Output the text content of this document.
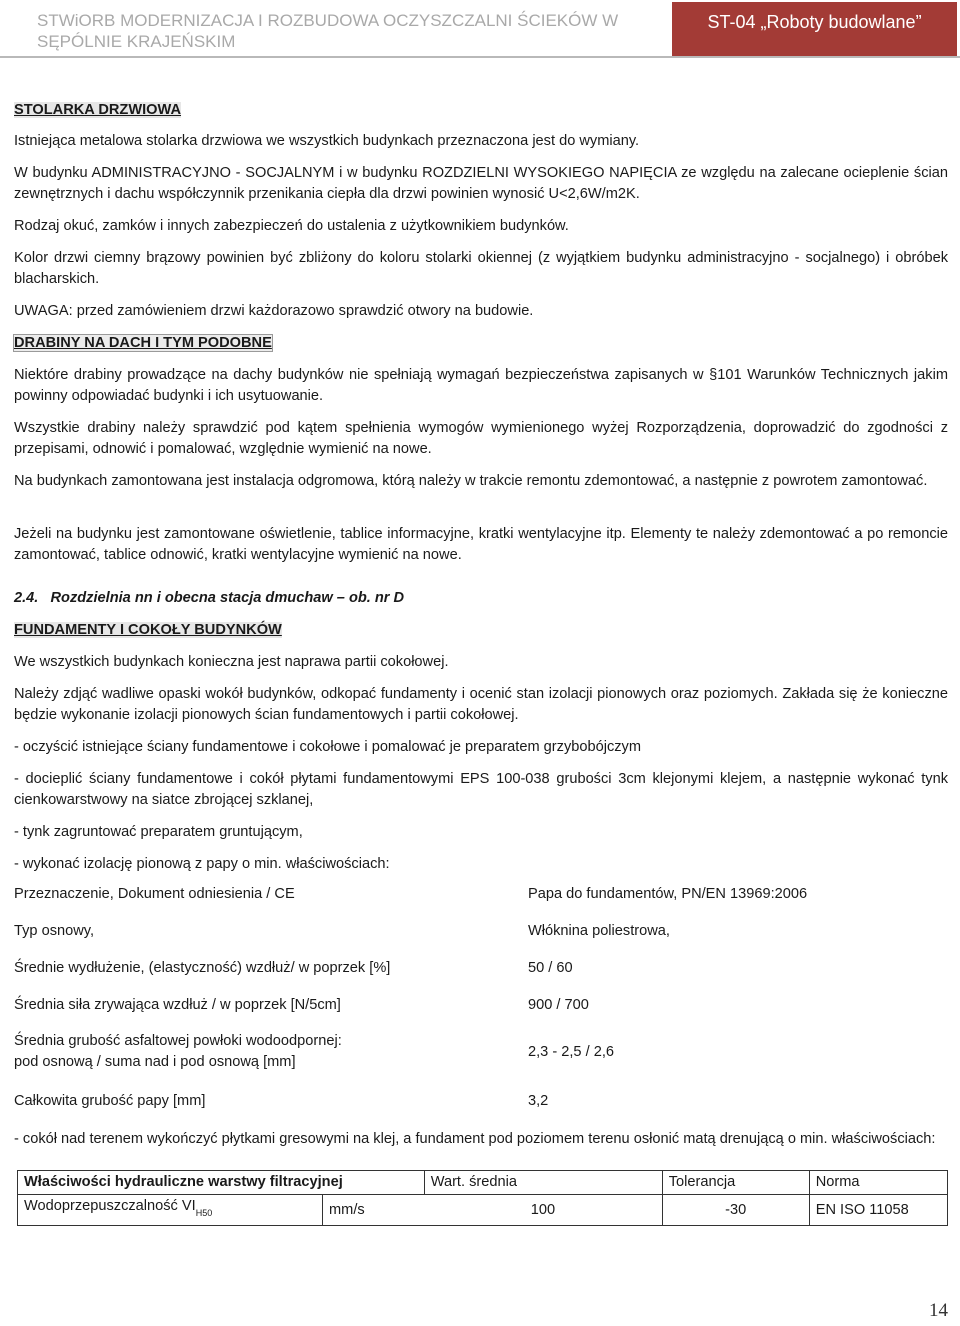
STWiORB MODERNIZACJA I ROZBUDOWA OCZYSZCZALNI ŚCIEKÓW W SĘPÓLNIE KRAJEŃSKIM
ST-04 „Roboty budowlane”
STOLARKA DRZWIOWA
Istniejąca metalowa stolarka drzwiowa we wszystkich budynkach przeznaczona jest do wymiany.
W budynku ADMINISTRACYJNO - SOCJALNYM i w budynku ROZDZIELNI WYSOKIEGO NAPIĘCIA ze względu na zalecane ocieplenie ścian zewnętrznych i dachu współczynnik przenikania ciepła dla drzwi powinien wynosić U<2,6W/m2K.
Rodzaj okuć, zamków i innych zabezpieczeń do ustalenia z użytkownikiem budynków.
Kolor drzwi ciemny brązowy powinien być zbliżony do koloru stolarki okiennej (z wyjątkiem budynku administracyjno - socjalnego) i obróbek blacharskich.
UWAGA: przed zamówieniem drzwi każdorazowo sprawdzić otwory na budowie.
DRABINY NA DACH I TYM PODOBNE
Niektóre drabiny prowadzące na dachy budynków nie spełniają wymagań bezpieczeństwa zapisanych w §101 Warunków Technicznych jakim powinny odpowiadać budynki i ich usytuowanie.
Wszystkie drabiny należy sprawdzić pod kątem spełnienia wymogów wymienionego wyżej Rozporządzenia, doprowadzić do zgodności z przepisami, odnowić i pomalować, względnie wymienić na nowe.
Na budynkach zamontowana jest instalacja odgromowa, którą należy w trakcie remontu zdemontować, a następnie z powrotem zamontować.
Jeżeli na budynku jest zamontowane oświetlenie, tablice informacyjne, kratki wentylacyjne itp. Elementy te należy zdemontować a po remoncie zamontować, tablice odnowić, kratki wentylacyjne wymienić na nowe.
2.4. Rozdzielnia nn i obecna stacja dmuchaw – ob. nr D
FUNDAMENTY I COKOŁY BUDYNKÓW
We wszystkich budynkach konieczna jest naprawa partii cokołowej.
Należy zdjąć wadliwe opaski wokół budynków, odkopać fundamenty i ocenić stan izolacji pionowych oraz poziomych. Zakłada się że konieczne będzie wykonanie izolacji pionowych ścian fundamentowych i partii cokołowej.
- oczyścić istniejące ściany fundamentowe i cokołowe i pomalować je preparatem grzybobójczym
- docieplić ściany fundamentowe i cokół płytami fundamentowymi EPS 100-038 grubości 3cm klejonymi klejem, a następnie wykonać tynk cienkowarstwowy na siatce zbrojącej szklanej,
- tynk zagruntować preparatem gruntującym,
- wykonać izolację pionową z papy o min. właściwościach:
Przeznaczenie, Dokument odniesienia / CE	Papa do fundamentów, PN/EN 13969:2006
Typ osnowy,	Włóknina poliestrowa,
Średnie wydłużenie, (elastyczność) wzdłuż/ w poprzek [%]	50 / 60
Średnia siła zrywająca wzdłuż / w poprzek [N/5cm]	900 / 700
Średnia grubość asfaltowej powłoki wodoodpornej:
pod osnową / suma nad i pod osnową [mm]
2,3 - 2,5 / 2,6
Całkowita grubość papy [mm]	3,2
- cokół nad terenem wykończyć płytkami gresowymi na klej, a fundament pod poziomem terenu osłonić matą drenującą o min. właściwościach:
Właściwości hydrauliczne warstwy filtracyjnej		Wart. średnia	Tolerancja	Norma
Wodoprzepuszczalność $VI_{H50}$	mm/s	100	-30	EN ISO 11058
14
